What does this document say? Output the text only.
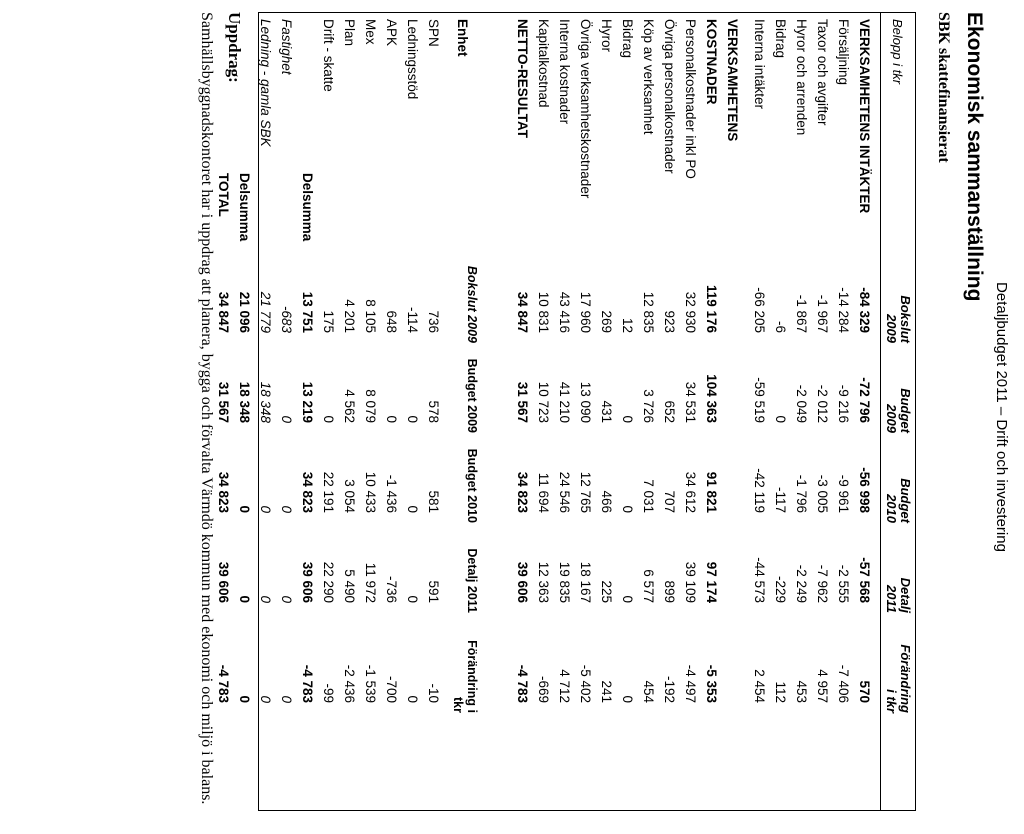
Detaljbudget 2011 – Drift och investering
Ekonomisk sammanställning
SBK skattefinansierat
Belopp i tkr
Bokslut
2009
Budget
2009
Budget
2010
Detalj
2011
Förändring
i tkr
VERKSAMHETENS INTÄKTER
-84 329
-72 796
-56 998
-57 568
570
Försäljning
-14 284
-9 216
-9 961
-2 555
-7 406
Taxor och avgifter
-1 967
-2 012
-3 005
-7 962
4 957
Hyror och arrenden
-1 867
-2 049
-1 796
-2 249
453
Bidrag
-6
0
-117
-229
112
Interna intäkter
-66 205
-59 519
-42 119
-44 573
2 454
VERKSAMHETENS
KOSTNADER
119 176
104 363
91 821
97 174
-5 353
Personalkostnader inkl PO
32 930
34 531
34 612
39 109
-4 497
Övriga personalkostnader
923
652
707
899
-192
Köp av verksamhet
12 835
3 726
7 031
6 577
454
Bidrag
12
0
0
0
0
Hyror
269
431
466
225
241
Övriga verksamhetskostnader
17 960
13 090
12 765
18 167
-5 402
Interna kostnader
43 416
41 210
24 546
19 835
4 712
Kapitalkostnad
10 831
10 723
11 694
12 363
-669
NETTO-RESULTAT
34 847
31 567
34 823
39 606
-4 783
Enhet
Bokslut 2009
Budget 2009
Budget 2010
Detalj 2011
Förändring i tkr
SPN
736
578
581
591
-10
Ledningsstöd
-114
0
0
0
0
APK
648
0
-1 436
-736
-700
Mex
8 105
8 079
10 433
11 972
-1 539
Plan
4 201
4 562
3 054
5 490
-2 436
Drift - skatte
175
0
22 191
22 290
-99
Delsumma
13 751
13 219
34 823
39 606
-4 783
Fastighet
-683
0
0
0
0
Ledning - gamla SBK
21 779
18 348
0
0
0
Delsumma
21 096
18 348
0
0
0
TOTAL
34 847
31 567
34 823
39 606
-4 783
Uppdrag:
Samhällsbyggnadskontoret har i uppdrag att planera, bygga och förvalta Värmdö kommun med ekonomi och miljö i balans.
